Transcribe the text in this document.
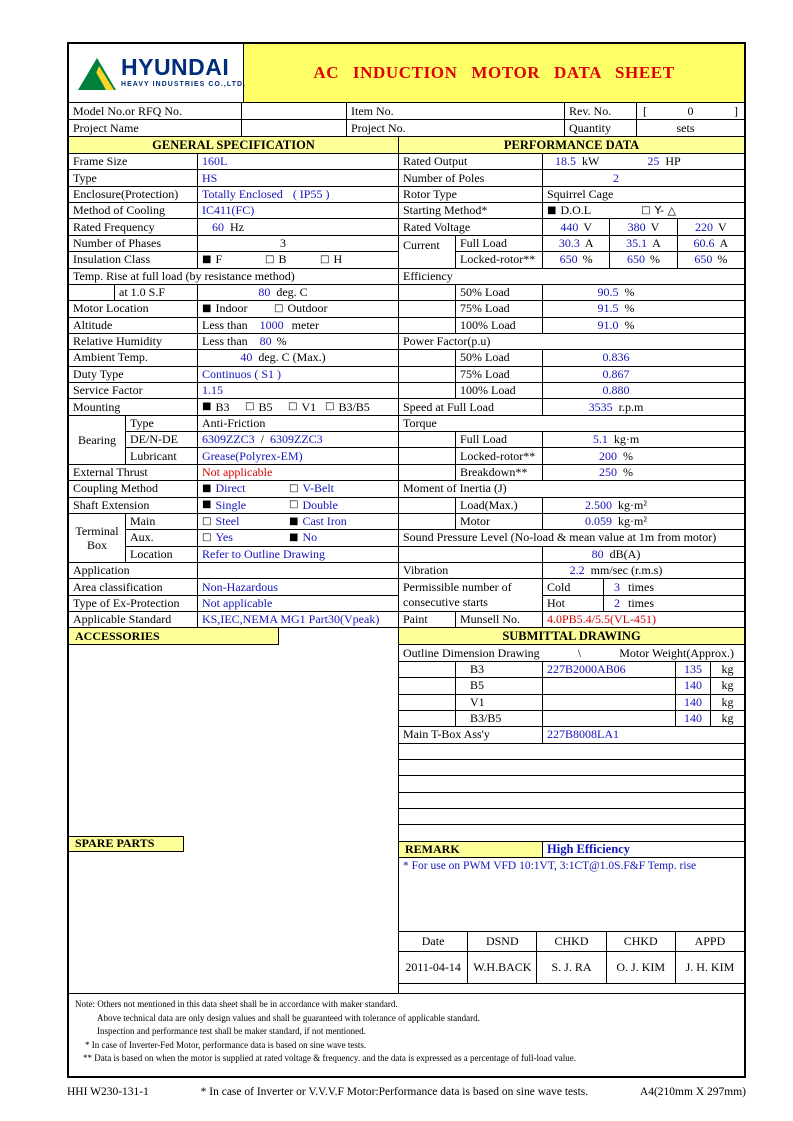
HYUNDAI
HEAVY INDUSTRIES CO.,LTD.
AC INDUCTION MOTOR DATA SHEET
Model No.or RFQ No.	Item No.	Rev. No.	[	0	]
Project Name	Project No.	Quantity	sets
GENERAL SPECIFICATION
Frame Size	160L
Type	HS
Enclosure(Protection)	Totally Enclosed ( IP55 )
Method of Cooling	IC411(FC)
Rated Frequency	60 Hz
Number of Phases	3
Insulation Class	■ F	□ B	□ H
Temp. Rise at full load (by resistance method)
at 1.0 S.F	80 deg. C
Motor Location	■ Indoor	□ Outdoor
Altitude	Less than 1000 meter
Relative Humidity	Less than 80 %
Ambient Temp.	40 deg. C (Max.)
Duty Type	Continuos ( S1 )
Service Factor	1.15
Mounting	■ B3 □ B5 □ V1 □ B3/B5
Bearing
Type	Anti-Friction
DE/N-DE	6309ZZC3 / 6309ZZC3
Lubricant	Grease(Polyrex-EM)
External Thrust	Not applicable
Coupling Method	■ Direct	□ V-Belt
Shaft Extension	■ Single	□ Double
Terminal Box
Main	□ Steel	■ Cast Iron
Aux.	□ Yes	■ No
Location	Refer to Outline Drawing
Application
Area classification	Non-Hazardous
Type of Ex-Protection	Not applicable
Applicable Standard	KS,IEC,NEMA MG1 Part30(Vpeak)
ACCESSORIES
SPARE PARTS
PERFORMANCE DATA
Rated Output	18.5 kW	25 HP
Number of Poles	2
Rotor Type	Squirrel Cage
Starting Method*	■ D.O.L	□ Y- △
Rated Voltage	440 V	380 V	220 V
Current	Full Load	30.3 A	35.1 A	60.6 A
Locked-rotor**	650 %	650 %	650 %
Efficiency
50% Load	90.5 %
75% Load	91.5 %
100% Load	91.0 %
Power Factor(p.u)
50% Load	0.836
75% Load	0.867
100% Load	0.880
Speed at Full Load	3535 r.p.m
Torque
Full Load	5.1 kg·m
Locked-rotor**	200 %
Breakdown**	250 %
Moment of Inertia (J)
Load(Max.)	2.500 kg·m²
Motor	0.059 kg·m²
Sound Pressure Level (No-load & mean value at 1m from motor)
80 dB(A)
Vibration	2.2 mm/sec (r.m.s)
Permissible number of
consecutive starts
Cold	3 times
Hot	2 times
Paint	Munsell No.	4.0PB5.4/5.5(VL-451)
SUBMITTAL DRAWING
Outline Dimension Drawing	\	Motor Weight(Approx.)
B3	227B2000AB06	135	kg
B5	140	kg
V1	140	kg
B3/B5	140	kg
Main T-Box Ass'y	227B8008LA1
REMARK	High Efficiency
* For use on PWM VFD 10:1VT, 3:1CT@1.0S.F&F Temp. rise
Date	DSND	CHKD	CHKD	APPD
2011-04-14	W.H.BACK	S. J. RA	O. J. KIM	J. H. KIM
Note: Others not mentioned in this data sheet shall be in accordance with maker standard.
Above technical data are only design values and shall be guaranteed with tolerance of applicable standard.
Inspection and performance test shall be maker standard, if not mentioned.
* In case of Inverter-Fed Motor, performance data is based on sine wave tests.
** Data is based on when the motor is supplied at rated voltage & frequency. and the data is expressed as a percentage of full-load value.
HHI W230-131-1	* In case of Inverter or V.V.V.F Motor:Performance data is based on sine wave tests.	A4(210mm X 297mm)
